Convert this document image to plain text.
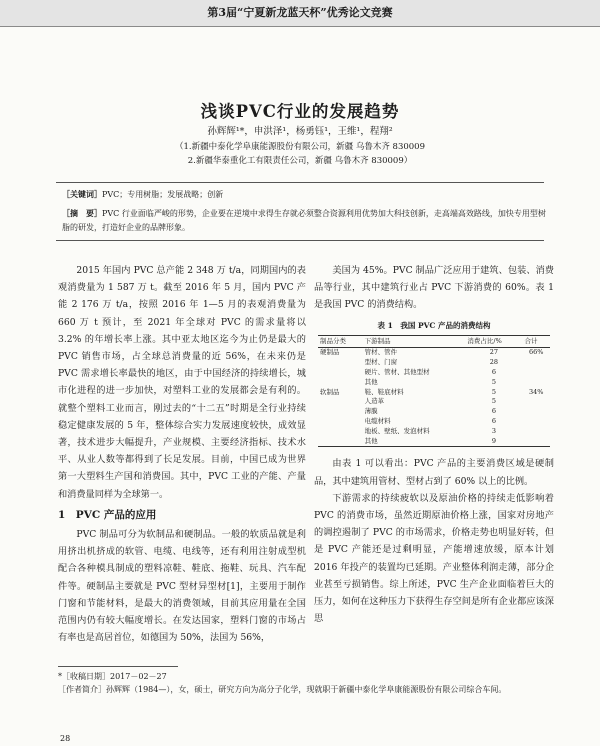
第3届“宁夏新龙蓝天杯”优秀论文竞赛
浅谈PVC行业的发展趋势
孙辉辉¹*，申洪泽¹，杨勇钰¹，王维¹，程翔²
（1.新疆中泰化学阜康能源股份有限公司，新疆 乌鲁木齐 830009
2.新疆华泰重化工有限责任公司，新疆 乌鲁木齐 830009）
［关键词］PVC；专用树脂；发展战略；创新
［摘　要］PVC 行业面临严峻的形势，企业要在逆境中求得生存就必须整合资源利用优势加大科技创新，走高端高效路线，加快专用型树脂的研发，打造好企业的品牌形象。

2015 年国内 PVC 总产能 2 348 万 t/a，同期国内的表观消费量为 1 587 万 t。截至 2016 年 5 月，国内 PVC 产能 2 176 万 t/a，按照 2016 年 1—5 月的表观消费量为 660 万 t 预计，至 2021 年全球对 PVC 的需求量将以 3.2% 的年增长率上涨。其中亚太地区迄今为止仍是最大的 PVC 销售市场，占全球总消费量的近 56%，在未来仍是 PVC 需求增长率最快的地区，由于中国经济的持续增长，城市化进程的进一步加快，对塑料工业的发展都会是有利的。就整个塑料工业而言，刚过去的“十二五”时期是全行业持续稳定健康发展的 5 年，整体综合实力发展速度较快，成效显著，技术进步大幅提升，产业规模、主要经济指标、技术水平、从业人数等都得到了长足发展。目前，中国已成为世界第一大塑料生产国和消费国。其中，PVC 工业的产能、产量和消费量同样为全球第一。

1　PVC 产品的应用

PVC 制品可分为软制品和硬制品。一般的软质品就是利用挤出机挤成的软管、电缆、电线等，还有利用注射成型机配合各种模具制成的塑料凉鞋、鞋底、拖鞋、玩具、汽车配件等。硬制品主要就是 PVC 型材异型材[1]，主要用于制作门窗和节能材料，是最大的消费领域，目前其应用量在全国范围内仍有较大幅度增长。在发达国家，塑料门窗的市场占有率也是高居首位，如德国为 50%，法国为 56%，

美国为 45%。PVC 制品广泛应用于建筑、包装、消费品等行业，其中建筑行业占 PVC 下游消费的 60%。表 1 是我国 PVC 的消费结构。

表 1　我国 PVC 产品的消费结构
制品分类	下游制品	消费占比/%	合计
硬制品	管材、管件	27	66%
	型材、门窗	28	
	硬片、管材、其他型材	6	
	其他	5	
软制品	鞋、鞋底材料	5	34%
	人造革	5	
	薄膜	6	
	电缆材料	6	
	地板、壁纸、发泡材料	3	
	其他	9	

由表 1 可以看出：PVC 产品的主要消费区域是硬制品，其中建筑用管材、型材占到了 60% 以上的比例。

下游需求的持续疲软以及原油价格的持续走低影响着 PVC 的消费市场，虽然近期原油价格上涨，国家对房地产的调控遏制了 PVC 的市场需求，价格走势也明显好转，但是 PVC 产能还是过剩明显，产能增速放缓，原本计划 2016 年投产的装置均已延期。产业整体利润走薄，部分企业甚至亏损销售。综上所述，PVC 生产企业面临着巨大的压力，如何在这种压力下获得生存空间是所有企业都应该深思

*［收稿日期］2017－02－27
［作者简介］孙辉辉（1984—），女，硕士，研究方向为高分子化学，现就职于新疆中泰化学阜康能源股份有限公司综合车间。
28
